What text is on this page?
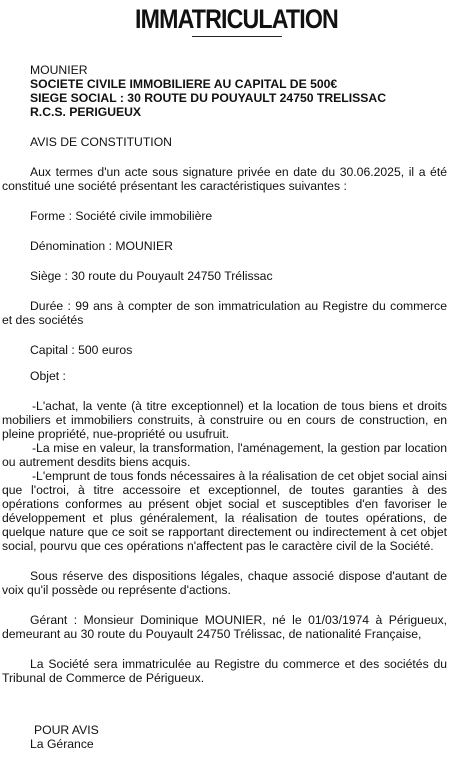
IMMATRICULATION
MOUNIER
SOCIETE CIVILE IMMOBILIERE AU CAPITAL DE 500€
SIEGE SOCIAL : 30 ROUTE DU POUYAULT 24750 TRELISSAC
R.C.S. PERIGUEUX
AVIS DE CONSTITUTION

Aux termes d'un acte sous signature privée en date du 30.06.2025, il a été constitué une société présentant les caractéristiques suivantes :

Forme : Société civile immobilière
Dénomination : MOUNIER
Siège : 30 route du Pouyault 24750 Trélissac

Durée : 99 ans à compter de son immatriculation au Registre du commerce et des sociétés

Capital : 500 euros
Objet :

-L'achat, la vente (à titre exceptionnel) et la location de tous biens et droits mobiliers et immobiliers construits, à construire ou en cours de construction, en pleine propriété, nue-propriété ou usufruit.

-La mise en valeur, la transformation, l'aménagement, la gestion par location ou autrement desdits biens acquis.

-L'emprunt de tous fonds nécessaires à la réalisation de cet objet social ainsi que l'octroi, à titre accessoire et exceptionnel, de toutes garanties à des opérations conformes au présent objet social et susceptibles d'en favoriser le développement et plus généralement, la réalisation de toutes opérations, de quelque nature que ce soit se rapportant directement ou indirectement à cet objet social, pourvu que ces opérations n'affectent pas le caractère civil de la Société.

Sous réserve des dispositions légales, chaque associé dispose d'autant de voix qu'il possède ou représente d'actions.

Gérant : Monsieur Dominique MOUNIER, né le 01/03/1974 à Périgueux, demeurant au 30 route du Pouyault 24750 Trélissac, de nationalité Française,

La Société sera immatriculée au Registre du commerce et des sociétés du Tribunal de Commerce de Périgueux.

POUR AVIS
La Gérance
